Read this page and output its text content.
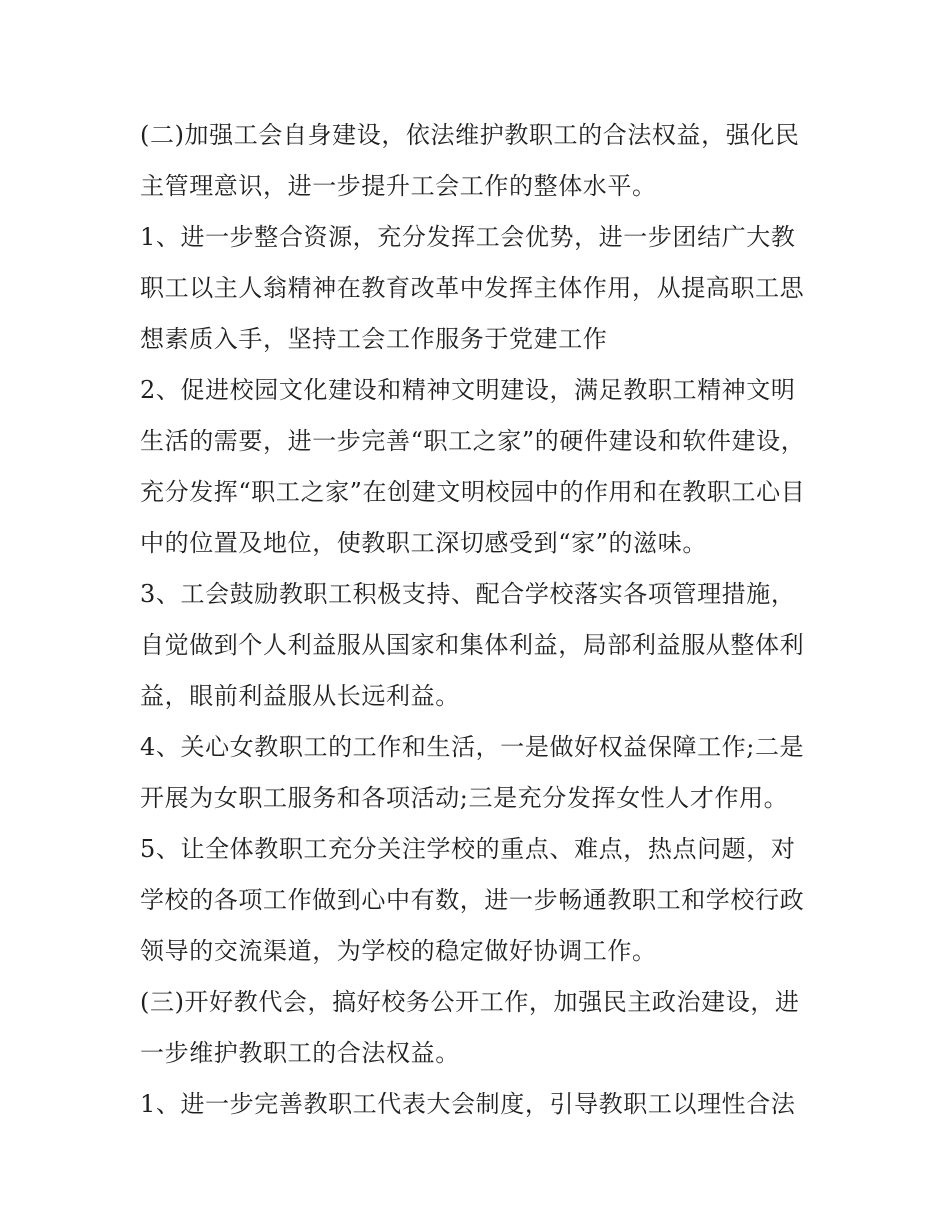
(二)加强工会自身建设，依法维护教职工的合法权益，强化民

主管理意识，进一步提升工会工作的整体水平。

1、进一步整合资源，充分发挥工会优势，进一步团结广大教

职工以主人翁精神在教育改革中发挥主体作用，从提高职工思

想素质入手，坚持工会工作服务于党建工作

2、促进校园文化建设和精神文明建设，满足教职工精神文明

生活的需要，进一步完善“职工之家”的硬件建设和软件建设，

充分发挥“职工之家”在创建文明校园中的作用和在教职工心目

中的位置及地位，使教职工深切感受到“家”的滋味。

3、工会鼓励教职工积极支持、配合学校落实各项管理措施，

自觉做到个人利益服从国家和集体利益，局部利益服从整体利

益，眼前利益服从长远利益。

4、关心女教职工的工作和生活，一是做好权益保障工作;二是

开展为女职工服务和各项活动;三是充分发挥女性人才作用。

5、让全体教职工充分关注学校的重点、难点，热点问题，对

学校的各项工作做到心中有数，进一步畅通教职工和学校行政

领导的交流渠道，为学校的稳定做好协调工作。

(三)开好教代会，搞好校务公开工作，加强民主政治建设，进

一步维护教职工的合法权益。

1、进一步完善教职工代表大会制度，引导教职工以理性合法
